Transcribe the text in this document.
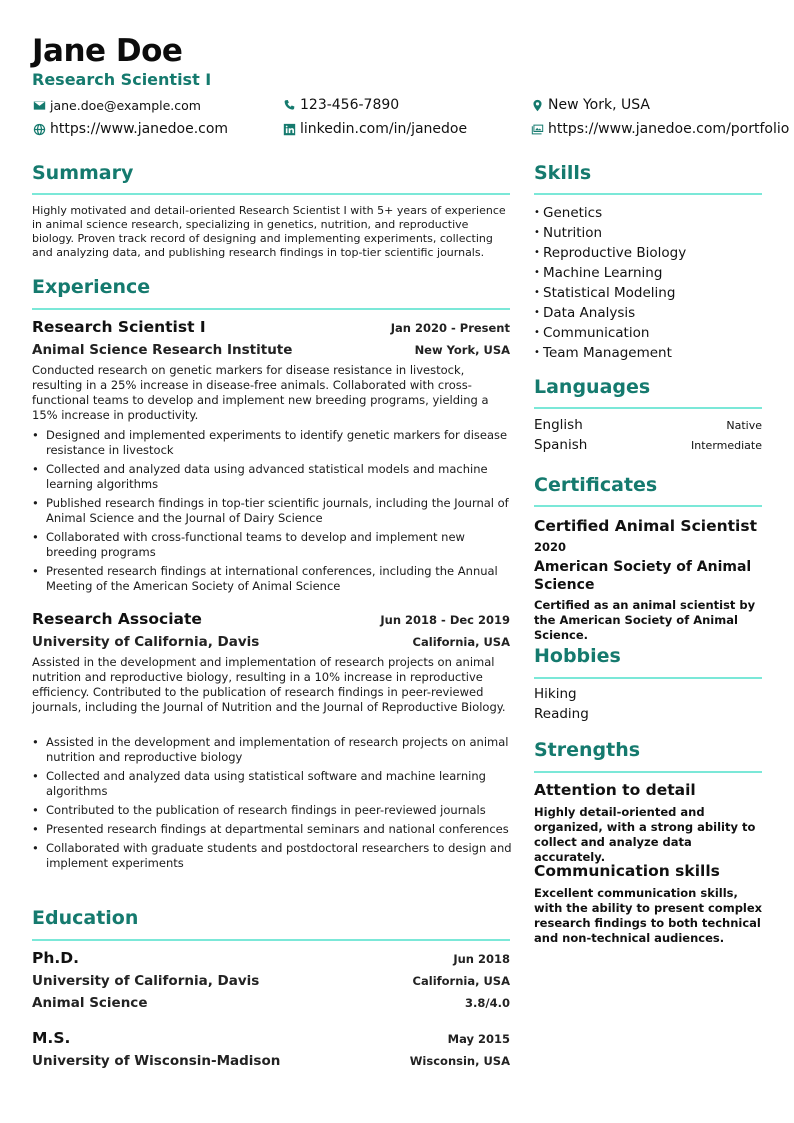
Jane Doe
Research Scientist I
jane.doe@example.com	123-456-7890	New York, USA
https://www.janedoe.com	linkedin.com/in/janedoe	https://www.janedoe.com/portfolio
Summary
Highly motivated and detail-oriented Research Scientist I with 5+ years of experience in animal science research, specializing in genetics, nutrition, and reproductive biology. Proven track record of designing and implementing experiments, collecting and analyzing data, and publishing research findings in top-tier scientific journals.
Experience
Research Scientist I	Jan 2020 - Present
Animal Science Research Institute	New York, USA
Conducted research on genetic markers for disease resistance in livestock, resulting in a 25% increase in disease-free animals. Collaborated with cross-functional teams to develop and implement new breeding programs, yielding a 15% increase in productivity.
• Designed and implemented experiments to identify genetic markers for disease resistance in livestock
• Collected and analyzed data using advanced statistical models and machine learning algorithms
• Published research findings in top-tier scientific journals, including the Journal of Animal Science and the Journal of Dairy Science
• Collaborated with cross-functional teams to develop and implement new breeding programs
• Presented research findings at international conferences, including the Annual Meeting of the American Society of Animal Science
Research Associate	Jun 2018 - Dec 2019
University of California, Davis	California, USA
Assisted in the development and implementation of research projects on animal nutrition and reproductive biology, resulting in a 10% increase in reproductive efficiency. Contributed to the publication of research findings in peer-reviewed journals, including the Journal of Nutrition and the Journal of Reproductive Biology.
• Assisted in the development and implementation of research projects on animal nutrition and reproductive biology
• Collected and analyzed data using statistical software and machine learning algorithms
• Contributed to the publication of research findings in peer-reviewed journals
• Presented research findings at departmental seminars and national conferences
• Collaborated with graduate students and postdoctoral researchers to design and implement experiments
Education
Ph.D.	Jun 2018
University of California, Davis	California, USA
Animal Science	3.8/4.0
M.S.	May 2015
University of Wisconsin-Madison	Wisconsin, USA
Skills
• Genetics
• Nutrition
• Reproductive Biology
• Machine Learning
• Statistical Modeling
• Data Analysis
• Communication
• Team Management
Languages
English	Native
Spanish	Intermediate
Certificates
Certified Animal Scientist
2020
American Society of Animal Science
Certified as an animal scientist by the American Society of Animal Science.
Hobbies
Hiking
Reading
Strengths
Attention to detail
Highly detail-oriented and organized, with a strong ability to collect and analyze data accurately.
Communication skills
Excellent communication skills, with the ability to present complex research findings to both technical and non-technical audiences.
